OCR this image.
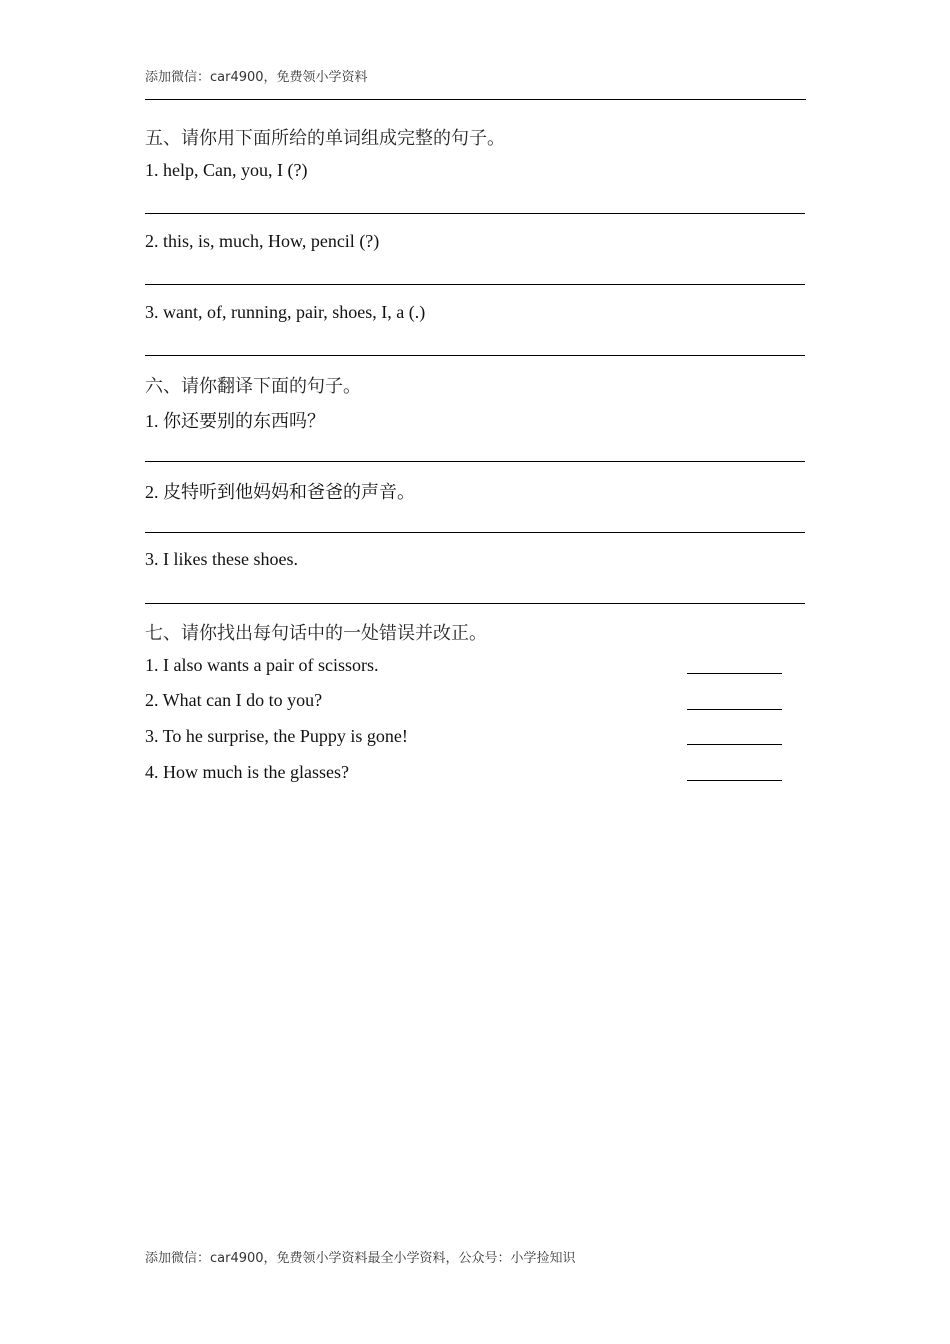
添加微信：car4900，免费领小学资料
五、请你用下面所给的单词组成完整的句子。
1. help, Can, you, I (?)
2. this, is, much, How, pencil (?)
3. want, of, running, pair, shoes, I, a (.)
六、请你翻译下面的句子。
1. 你还要别的东西吗？
2. 皮特听到他妈妈和爸爸的声音。
3. I likes these shoes.
七、请你找出每句话中的一处错误并改正。
1. I also wants a pair of scissors.
2. What can I do to you?
3. To he surprise, the Puppy is gone!
4. How much is the glasses?
添加微信：car4900，免费领小学资料最全小学资料，公众号：小学捡知识
